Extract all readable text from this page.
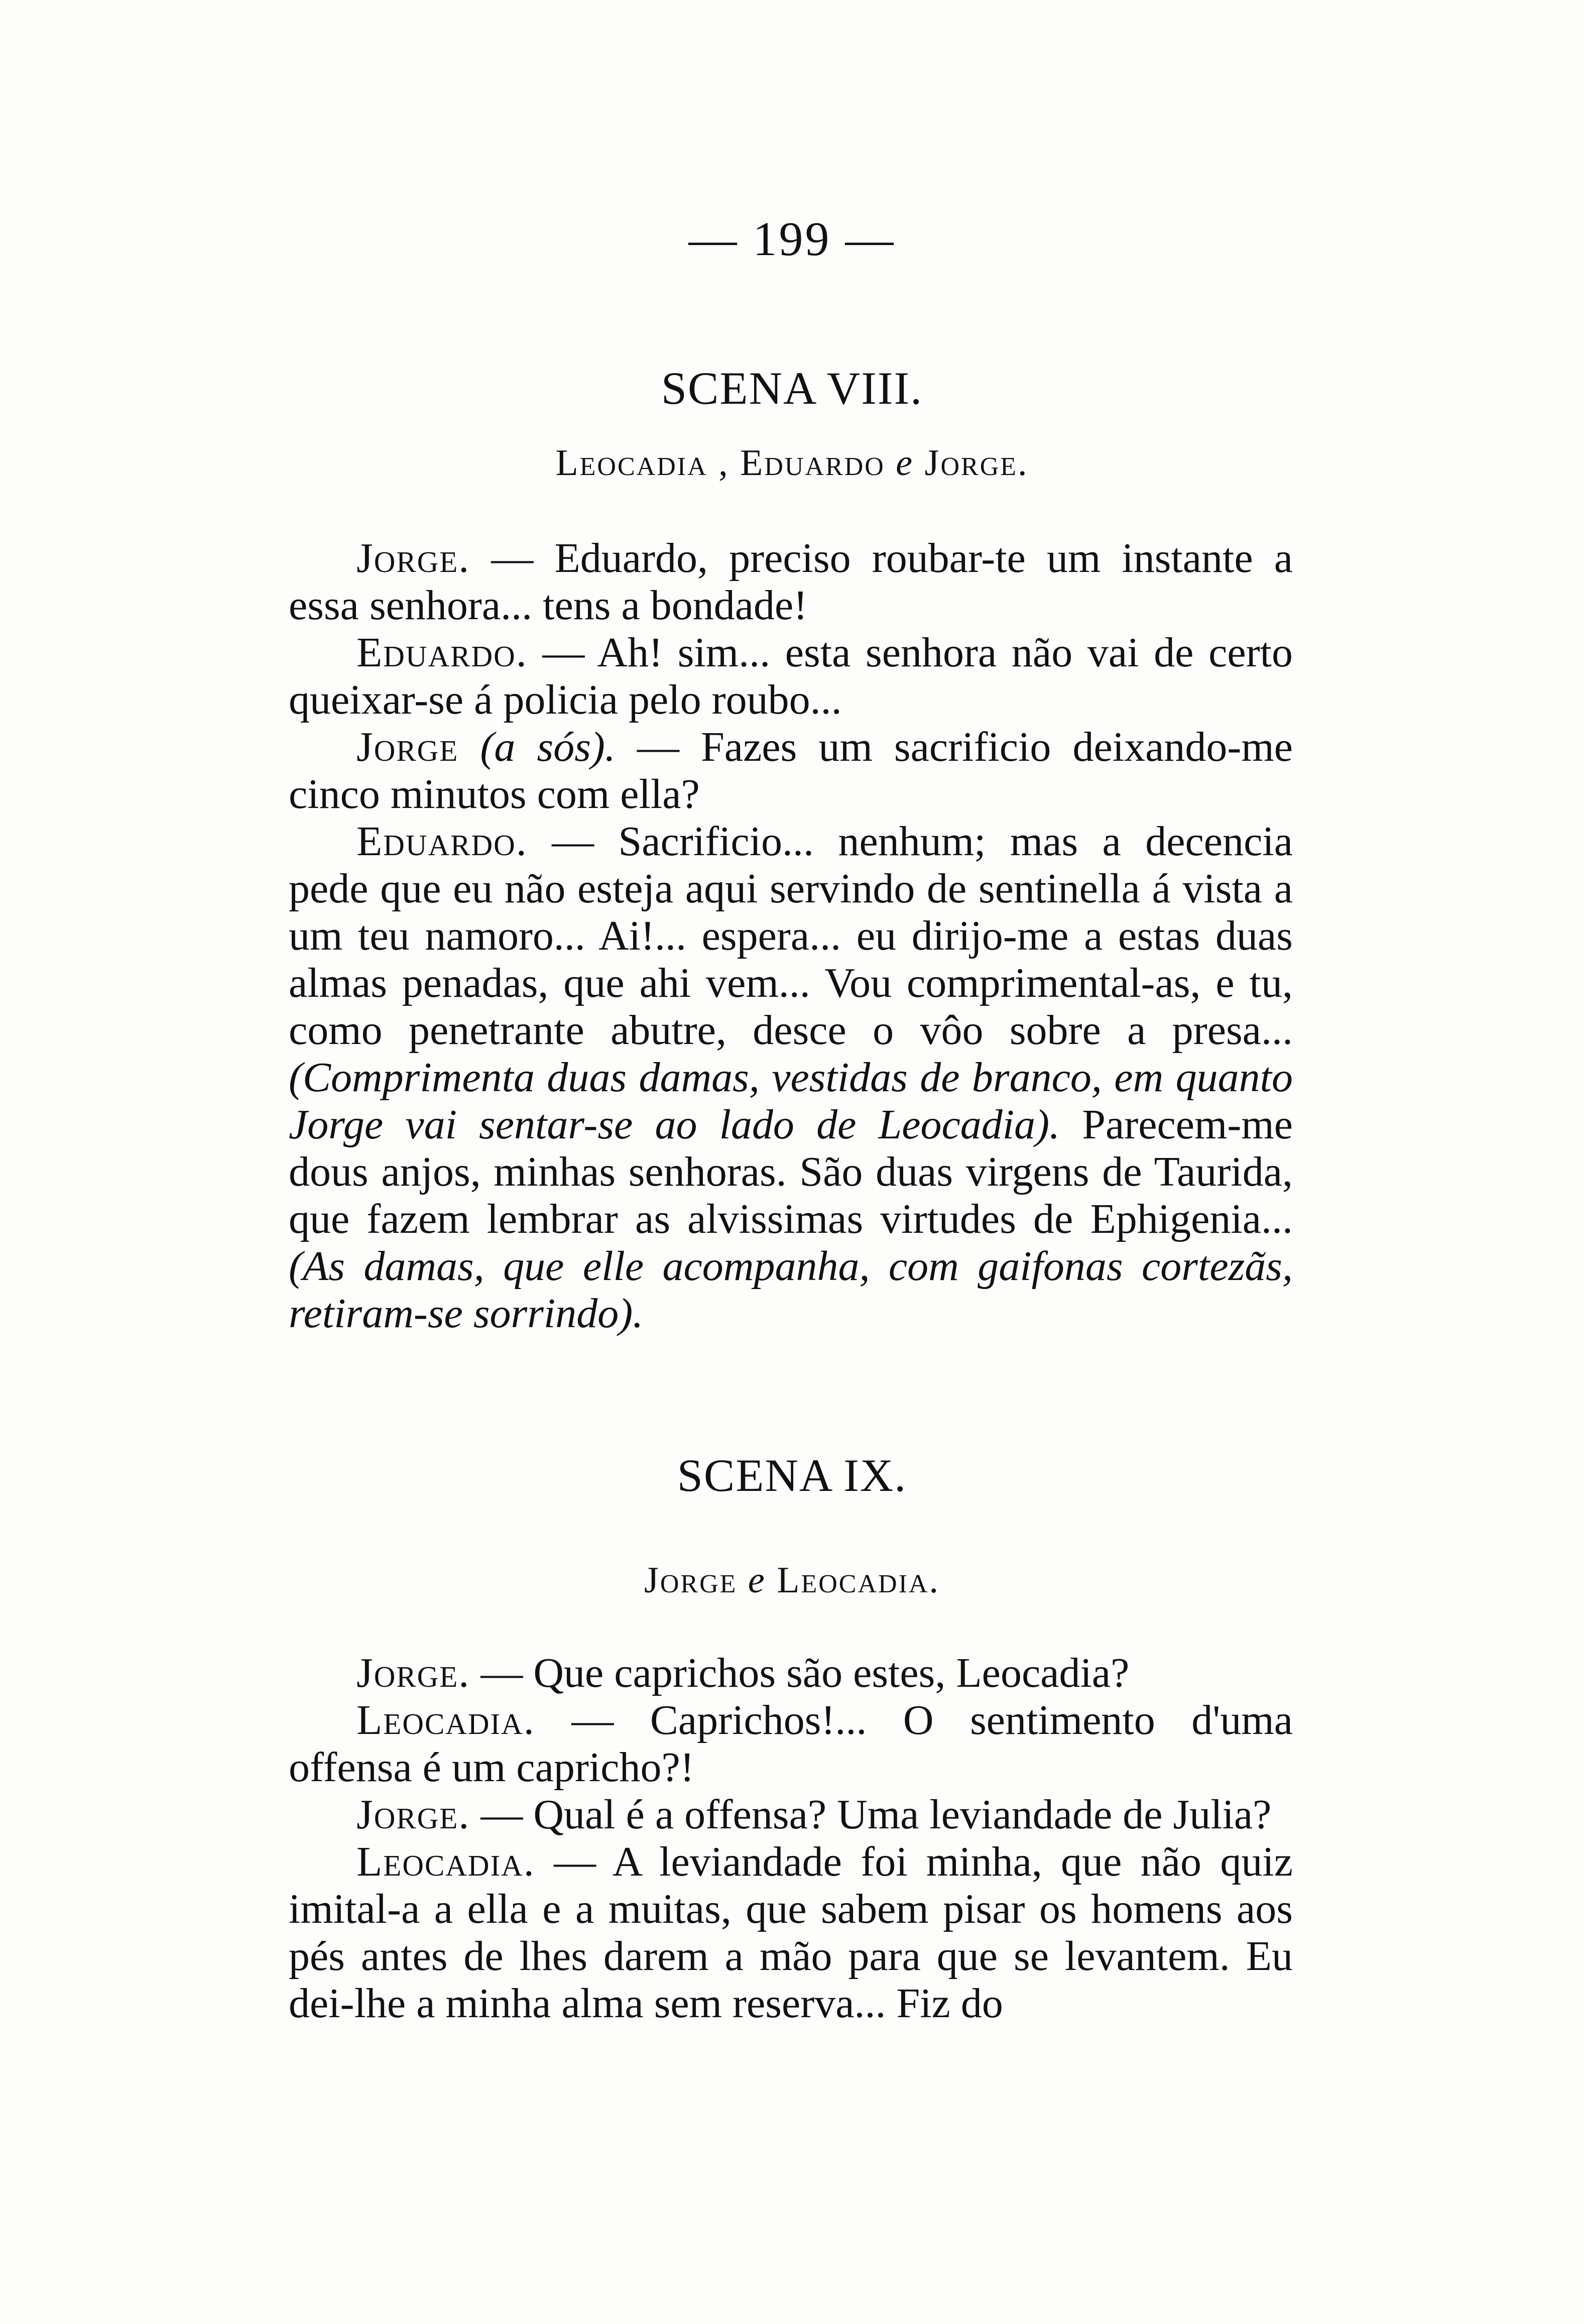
— 199 —
SCENA VIII.
Leocadia , Eduardo e Jorge.

Jorge. — Eduardo, preciso roubar-te um instante a essa senhora... tens a bondade!

Eduardo. — Ah! sim... esta senhora não vai de certo queixar-se á policia pelo roubo...

Jorge (a sós). — Fazes um sacrificio deixando-me cinco minutos com ella?

Eduardo. — Sacrificio... nenhum; mas a decencia pede que eu não esteja aqui servindo de sentinella á vista a um teu namoro... Ai!... espera... eu dirijo-me a estas duas almas penadas, que ahi vem... Vou comprimental-as, e tu, como penetrante abutre, desce o vôo sobre a presa... (Comprimenta duas damas, vestidas de branco, em quanto Jorge vai sentar-se ao lado de Leocadia). Parecem-me dous anjos, minhas senhoras. São duas virgens de Taurida, que fazem lembrar as alvissimas virtudes de Ephigenia... (As damas, que elle acompanha, com gaifonas cortezãs, retiram-se sorrindo).

SCENA IX.
Jorge e Leocadia.

Jorge. — Que caprichos são estes, Leocadia?

Leocadia. — Caprichos!... O sentimento d'uma offensa é um capricho?!

Jorge. — Qual é a offensa? Uma leviandade de Julia?

Leocadia. — A leviandade foi minha, que não quiz imital-a a ella e a muitas, que sabem pisar os homens aos pés antes de lhes darem a mão para que se levantem. Eu dei-lhe a minha alma sem reserva... Fiz do
